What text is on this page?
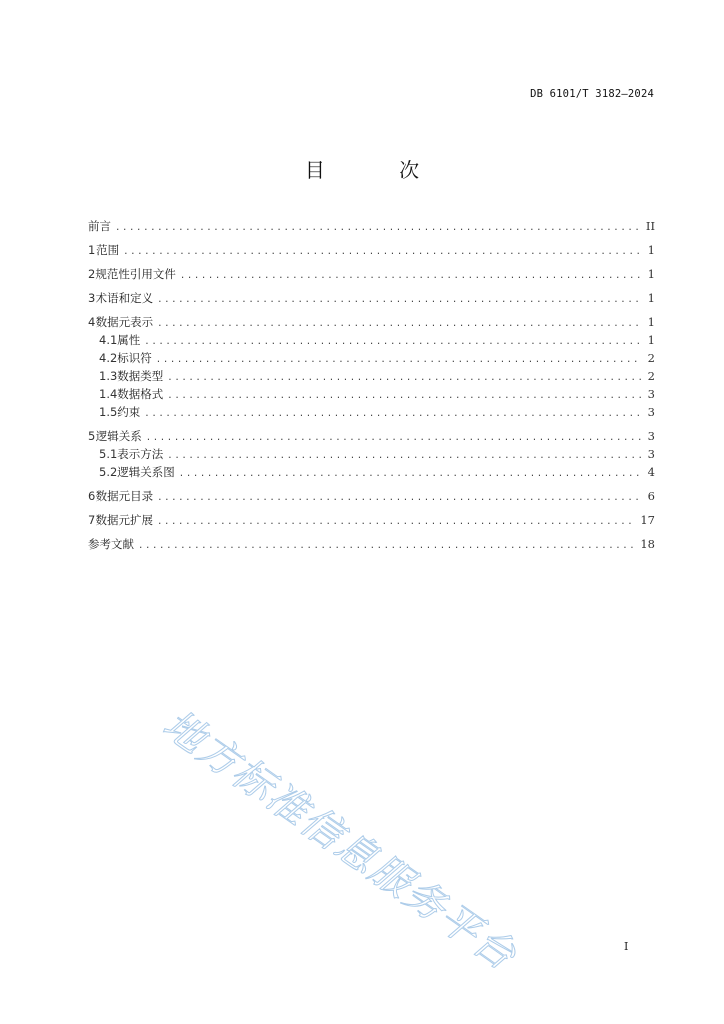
DB 6101/T 3182—2024
目 次
前言 .....	II
1 范围 .....	1
2 规范性引用文件 .....	1
3 术语和定义 .....	1
4 数据元表示 .....	1
4.1 属性 .....	1
4.2 标识符 .....	2
1.3 数据类型 .....	2
1.4 数据格式 .....	3
1.5 约束 .....	3
5 逻辑关系 .....	3
5.1 表示方法 .....	3
5.2 逻辑关系图 .....	4
6 数据元目录 .....	6
7 数据元扩展 .....	17
参考文献 .....	18
地方标准信息服务平台	I
